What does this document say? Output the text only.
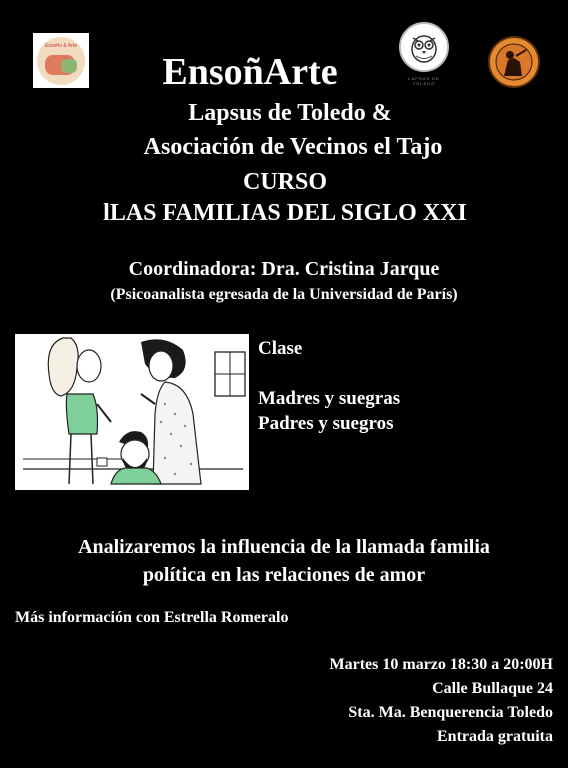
Ensoño & Arte
LAPSUS DE TOLEDO
EnsoñArte
Lapsus de Toledo &
Asociación de Vecinos el Tajo
CURSO
lLAS FAMILIAS DEL SIGLO XXI
Coordinadora: Dra. Cristina Jarque
(Psicoanalista egresada de la Universidad de París)
Clase
Madres y suegras
Padres y suegros
Analizaremos la influencia de la llamada familia
política en las relaciones de amor
Más información con Estrella Romeralo
Martes 10 marzo 18:30 a 20:00H
Calle Bullaque 24
Sta. Ma. Benquerencia Toledo
Entrada gratuita
